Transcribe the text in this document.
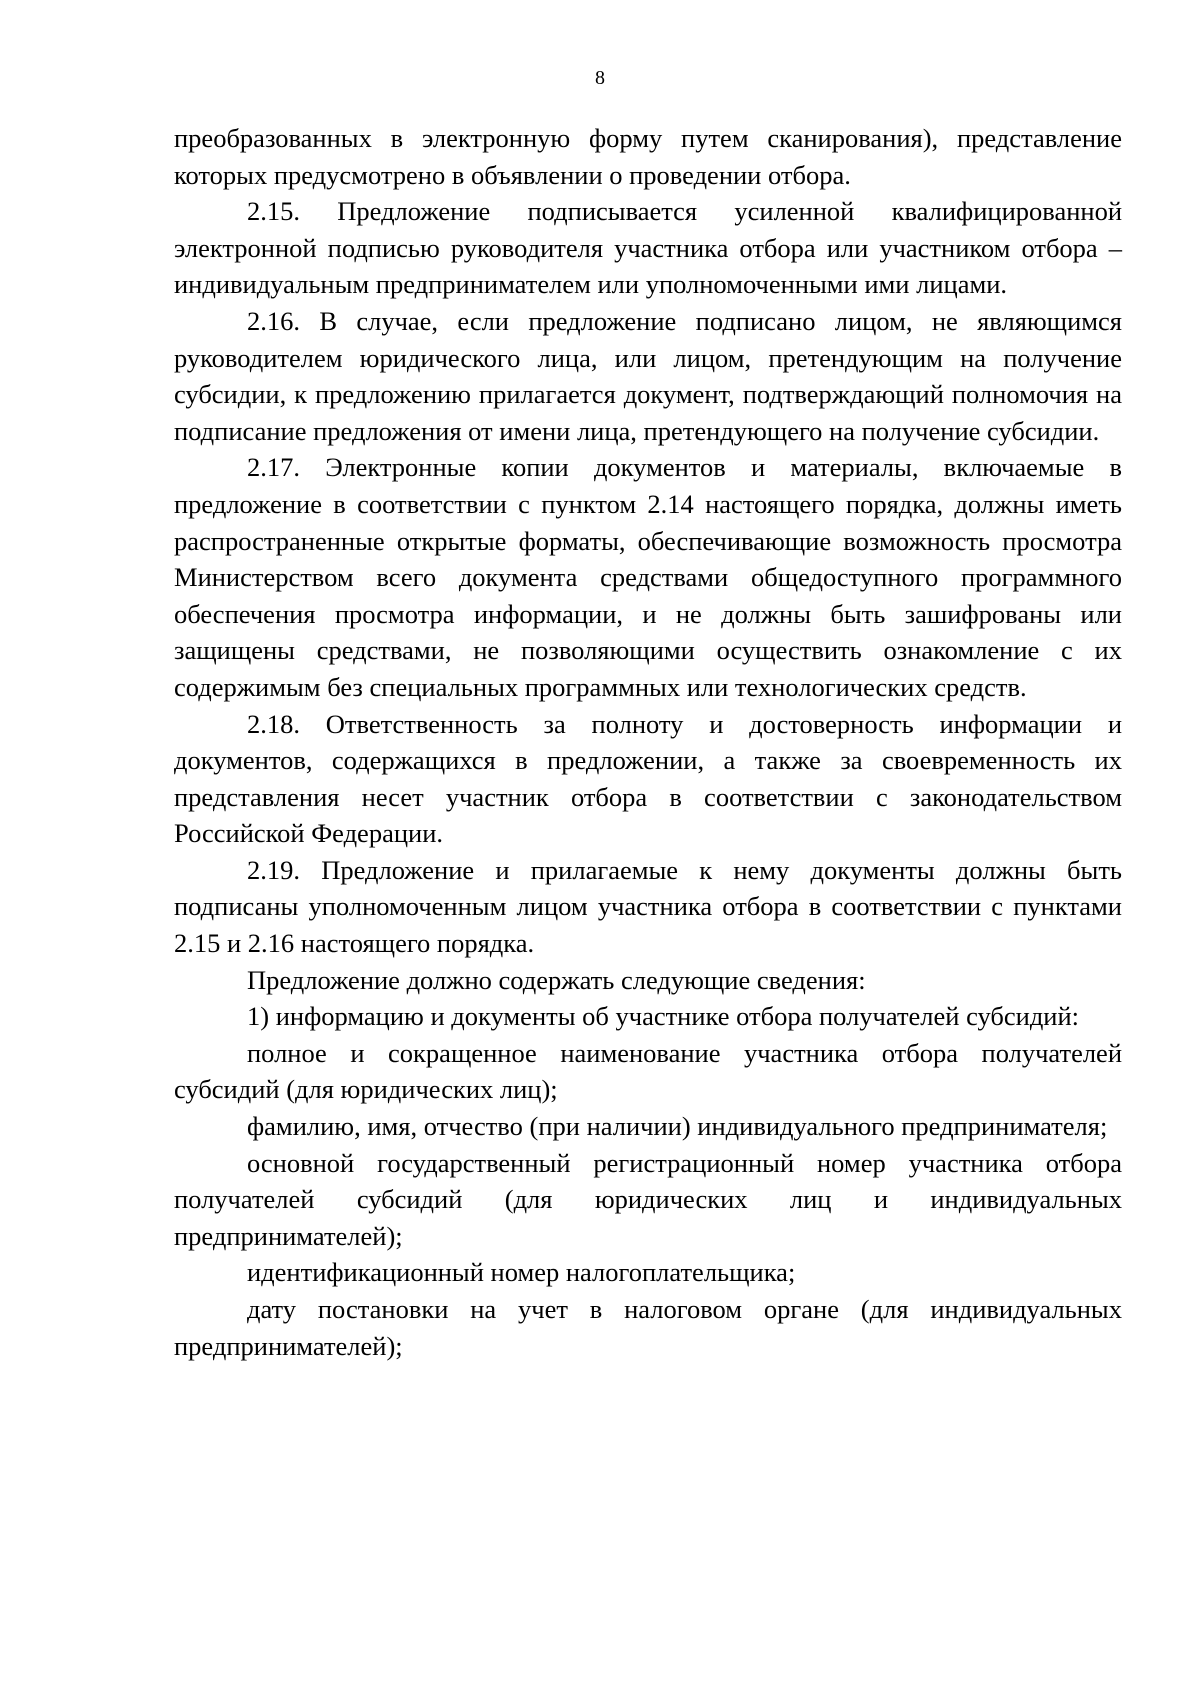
8

преобразованных в электронную форму путем сканирования), представление которых предусмотрено в объявлении о проведении отбора.

2.15. Предложение подписывается усиленной квалифицированной электронной подписью руководителя участника отбора или участником отбора – индивидуальным предпринимателем или уполномоченными ими лицами.

2.16. В случае, если предложение подписано лицом, не являющимся руководителем юридического лица, или лицом, претендующим на получение субсидии, к предложению прилагается документ, подтверждающий полномочия на подписание предложения от имени лица, претендующего на получение субсидии.

2.17. Электронные копии документов и материалы, включаемые в предложение в соответствии с пунктом 2.14 настоящего порядка, должны иметь распространенные открытые форматы, обеспечивающие возможность просмотра Министерством всего документа средствами общедоступного программного обеспечения просмотра информации, и не должны быть зашифрованы или защищены средствами, не позволяющими осуществить ознакомление с их содержимым без специальных программных или технологических средств.

2.18. Ответственность за полноту и достоверность информации и документов, содержащихся в предложении, а также за своевременность их представления несет участник отбора в соответствии с законодательством Российской Федерации.

2.19. Предложение и прилагаемые к нему документы должны быть подписаны уполномоченным лицом участника отбора в соответствии с пунктами 2.15 и 2.16 настоящего порядка.

Предложение должно содержать следующие сведения:

1) информацию и документы об участнике отбора получателей субсидий:

полное и сокращенное наименование участника отбора получателей субсидий (для юридических лиц);

фамилию, имя, отчество (при наличии) индивидуального предпринимателя;

основной государственный регистрационный номер участника отбора получателей субсидий (для юридических лиц и индивидуальных предпринимателей);

идентификационный номер налогоплательщика;

дату постановки на учет в налоговом органе (для индивидуальных предпринимателей);
